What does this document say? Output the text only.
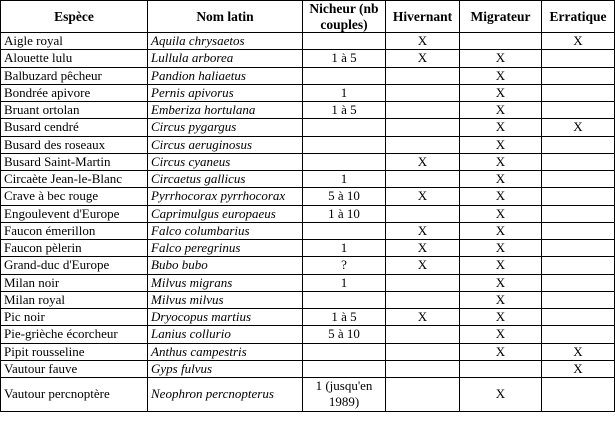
Espèce	Nom latin	Nicheur (nb couples)	Hivernant	Migrateur	Erratique
Aigle royal	Aquila chrysaetos		X		X
Alouette lulu	Lullula arborea	1 à 5	X	X	
Balbuzard pêcheur	Pandion haliaetus			X	
Bondrée apivore	Pernis apivorus	1		X	
Bruant ortolan	Emberiza hortulana	1 à 5		X	
Busard cendré	Circus pygargus			X	X
Busard des roseaux	Circus aeruginosus			X	
Busard Saint-Martin	Circus cyaneus		X	X	
Circaète Jean-le-Blanc	Circaetus gallicus	1		X	
Crave à bec rouge	Pyrrhocorax pyrrhocorax	5 à 10	X	X	
Engoulevent d'Europe	Caprimulgus europaeus	1 à 10		X	
Faucon émerillon	Falco columbarius		X	X	
Faucon pèlerin	Falco peregrinus	1	X	X	
Grand-duc d'Europe	Bubo bubo	?	X	X	
Milan noir	Milvus migrans	1		X	
Milan royal	Milvus milvus			X	
Pic noir	Dryocopus martius	1 à 5	X	X	
Pie-grièche écorcheur	Lanius collurio	5 à 10		X	
Pipit rousseline	Anthus campestris			X	X
Vautour fauve	Gyps fulvus				X
Vautour percnoptère	Neophron percnopterus	1 (jusqu'en 1989)		X	
